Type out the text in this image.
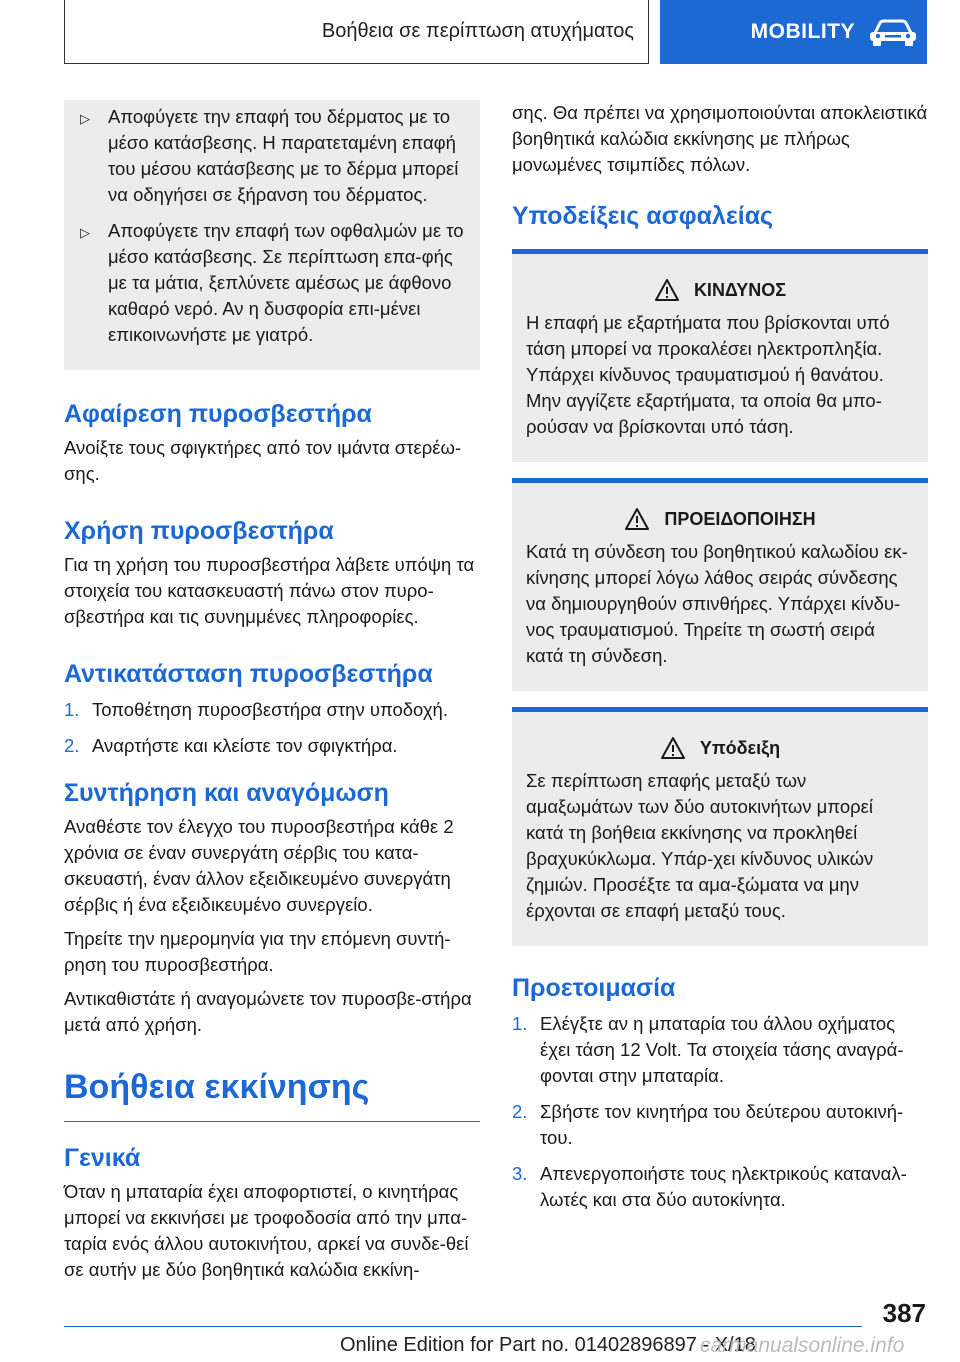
Βοήθεια σε περίπτωση ατυχήματος	MOBILITY
▷ Αποφύγετε την επαφή του δέρματος με το μέσο κατάσβεσης. Η παρατεταμένη επαφή του μέσου κατάσβεσης με το δέρμα μπορεί να οδηγήσει σε ξήρανση του δέρματος.
▷ Αποφύγετε την επαφή των οφθαλμών με το μέσο κατάσβεσης. Σε περίπτωση επα-φής με τα μάτια, ξεπλύνετε αμέσως με άφθονο καθαρό νερό. Αν η δυσφορία επι-μένει επικοινωνήστε με γιατρό.
Αφαίρεση πυροσβεστήρα

Ανοίξτε τους σφιγκτήρες από τον ιμάντα στερέω-σης.

Χρήση πυροσβεστήρα

Για τη χρήση του πυροσβεστήρα λάβετε υπόψη τα στοιχεία του κατασκευαστή πάνω στον πυρο-σβεστήρα και τις συνημμένες πληροφορίες.

Αντικατάσταση πυροσβεστήρα
1. Τοποθέτηση πυροσβεστήρα στην υποδοχή.
2. Αναρτήστε και κλείστε τον σφιγκτήρα.
Συντήρηση και αναγόμωση

Αναθέστε τον έλεγχο του πυροσβεστήρα κάθε 2 χρόνια σε έναν συνεργάτη σέρβις του κατα-σκευαστή, έναν άλλον εξειδικευμένο συνεργάτη σέρβις ή ένα εξειδικευμένο συνεργείο.

Τηρείτε την ημερομηνία για την επόμενη συντή-ρηση του πυροσβεστήρα.

Αντικαθιστάτε ή αναγομώνετε τον πυροσβε-στήρα μετά από χρήση.

Βοήθεια εκκίνησης
Γενικά

Όταν η μπαταρία έχει αποφορτιστεί, ο κινητήρας μπορεί να εκκινήσει με τροφοδοσία από την μπα-ταρία ενός άλλου αυτοκινήτου, αρκεί να συνδε-θεί σε αυτήν με δύο βοηθητικά καλώδια εκκίνη-

σης. Θα πρέπει να χρησιμοποιούνται αποκλειστικά βοηθητικά καλώδια εκκίνησης με πλήρως μονωμένες τσιμπίδες πόλων.

Υποδείξεις ασφαλείας
ΚΙΝΔΥΝΟΣ

Η επαφή με εξαρτήματα που βρίσκονται υπό τάση μπορεί να προκαλέσει ηλεκτροπληξία. Υπάρχει κίνδυνος τραυματισμού ή θανάτου. Μην αγγίζετε εξαρτήματα, τα οποία θα μπο-ρούσαν να βρίσκονται υπό τάση.

ΠΡΟΕΙΔΟΠΟΙΗΣΗ

Κατά τη σύνδεση του βοηθητικού καλωδίου εκ-κίνησης μπορεί λόγω λάθος σειράς σύνδεσης να δημιουργηθούν σπινθήρες. Υπάρχει κίνδυ-νος τραυματισμού. Τηρείτε τη σωστή σειρά κατά τη σύνδεση.

Υπόδειξη

Σε περίπτωση επαφής μεταξύ των αμαξωμάτων των δύο αυτοκινήτων μπορεί κατά τη βοήθεια εκκίνησης να προκληθεί βραχυκύκλωμα. Υπάρ-χει κίνδυνος υλικών ζημιών. Προσέξτε τα αμα-ξώματα να μην έρχονται σε επαφή μεταξύ τους.

Προετοιμασία
1. Ελέγξτε αν η μπαταρία του άλλου οχήματος έχει τάση 12 Volt. Τα στοιχεία τάσης αναγρά-φονται στην μπαταρία.
2. Σβήστε τον κινητήρα του δεύτερου αυτοκινή-του.
3. Απενεργοποιήστε τους ηλεκτρικούς καταναλ-λωτές και στα δύο αυτοκίνητα.
387
Online Edition for Part no. 01402896897 - X/18
carmanualsonline.info
